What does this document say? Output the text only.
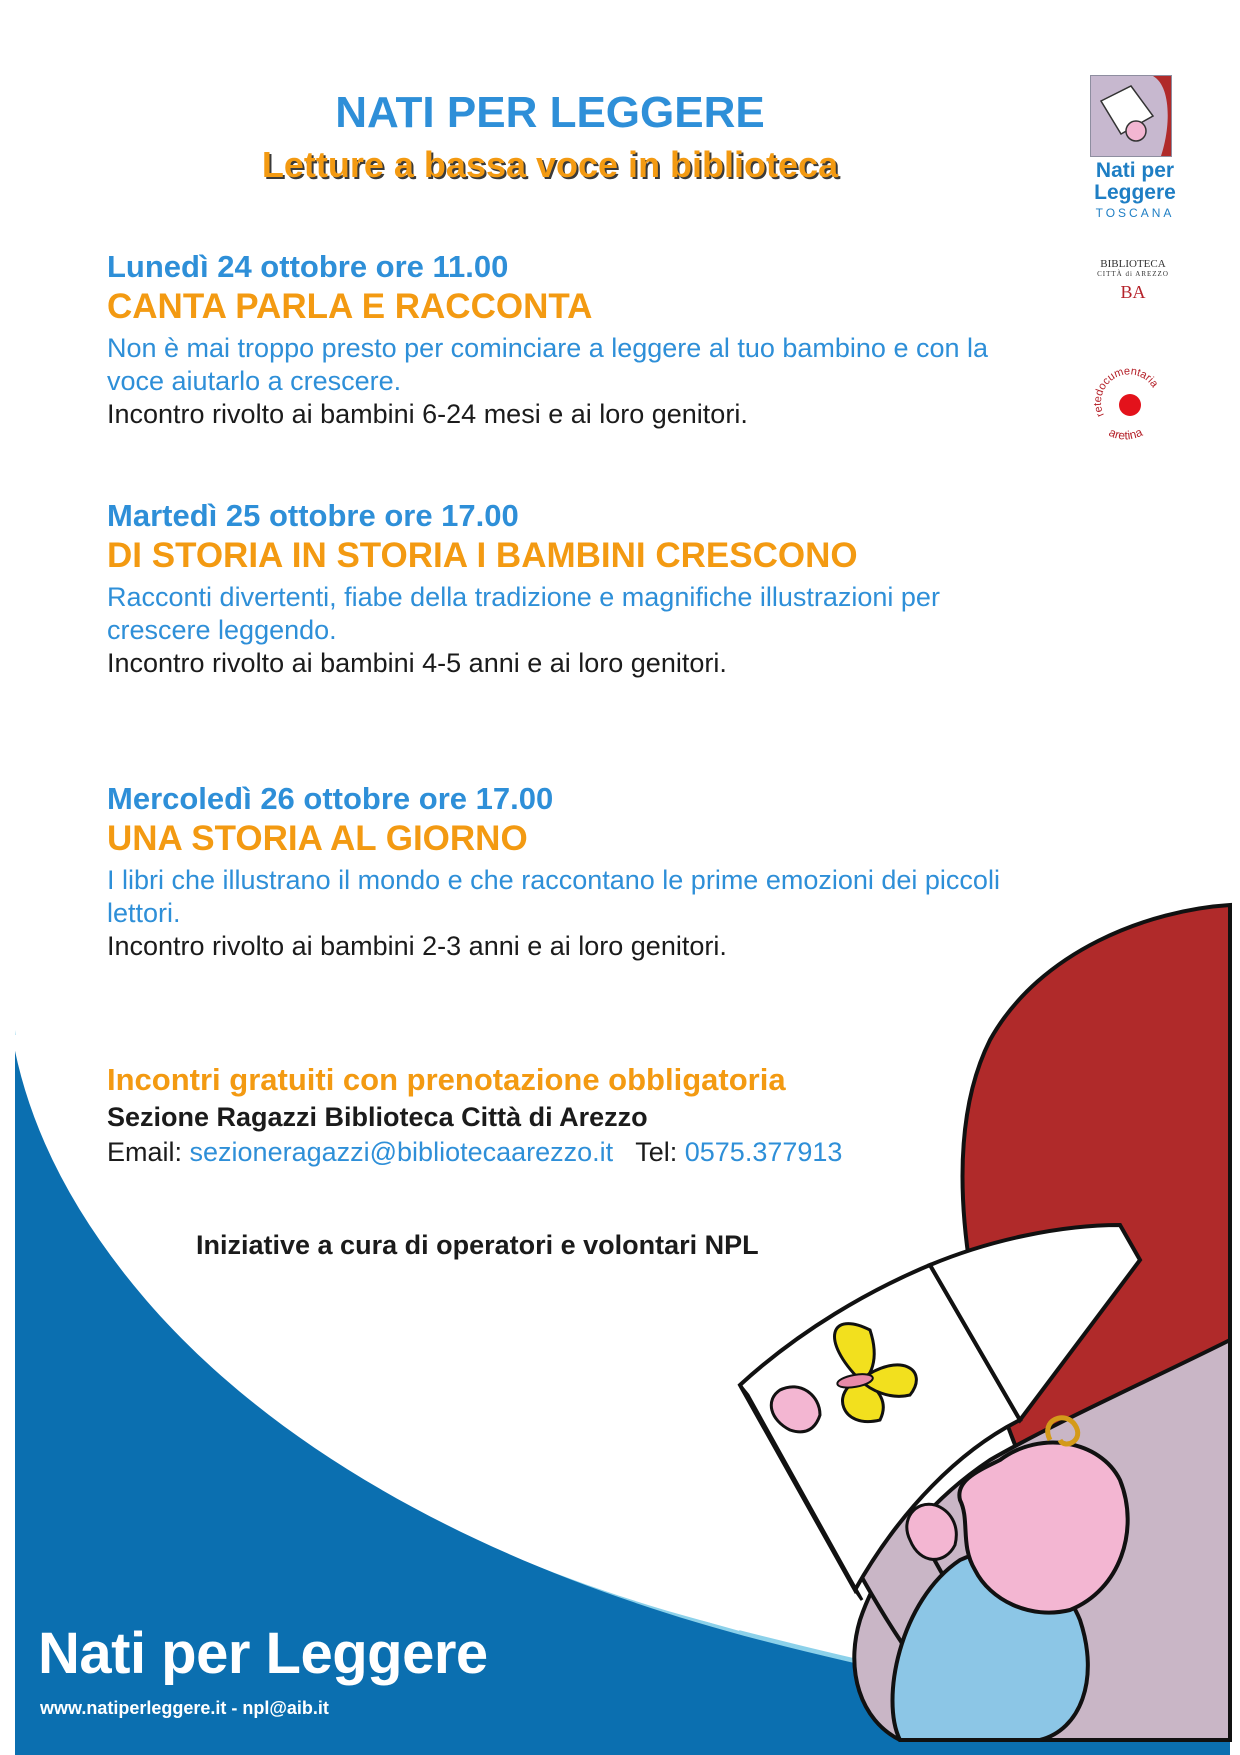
NATI PER LEGGERE
Letture a bassa voce in biblioteca	Nati per
Leggere
TOSCANA
BIBLIOTECA
CITTÀ di AREZZO
BA
retedocumentaria
aretina
Lunedì 24 ottobre ore 11.00
CANTA PARLA E RACCONTA
Non è mai troppo presto per cominciare a leggere al tuo bambino e con la voce aiutarlo a crescere.
Incontro rivolto ai bambini 6-24 mesi e ai loro genitori.
Martedì 25 ottobre ore 17.00
DI STORIA IN STORIA I BAMBINI CRESCONO
Racconti divertenti, fiabe della tradizione e magnifiche illustrazioni per crescere leggendo.
Incontro rivolto ai bambini 4-5 anni e ai loro genitori.
Mercoledì 26 ottobre ore 17.00
UNA STORIA AL GIORNO
I libri che illustrano il mondo e che raccontano le prime emozioni dei piccoli lettori.
Incontro rivolto ai bambini 2-3 anni e ai loro genitori.
Incontri gratuiti con prenotazione obbligatoria
Sezione Ragazzi Biblioteca Città di Arezzo
Email: sezioneragazzi@bibliotecaarezzo.it Tel: 0575.377913
Iniziative a cura di operatori e volontari NPL
Nati per Leggere
www.natiperleggere.it - npl@aib.it
